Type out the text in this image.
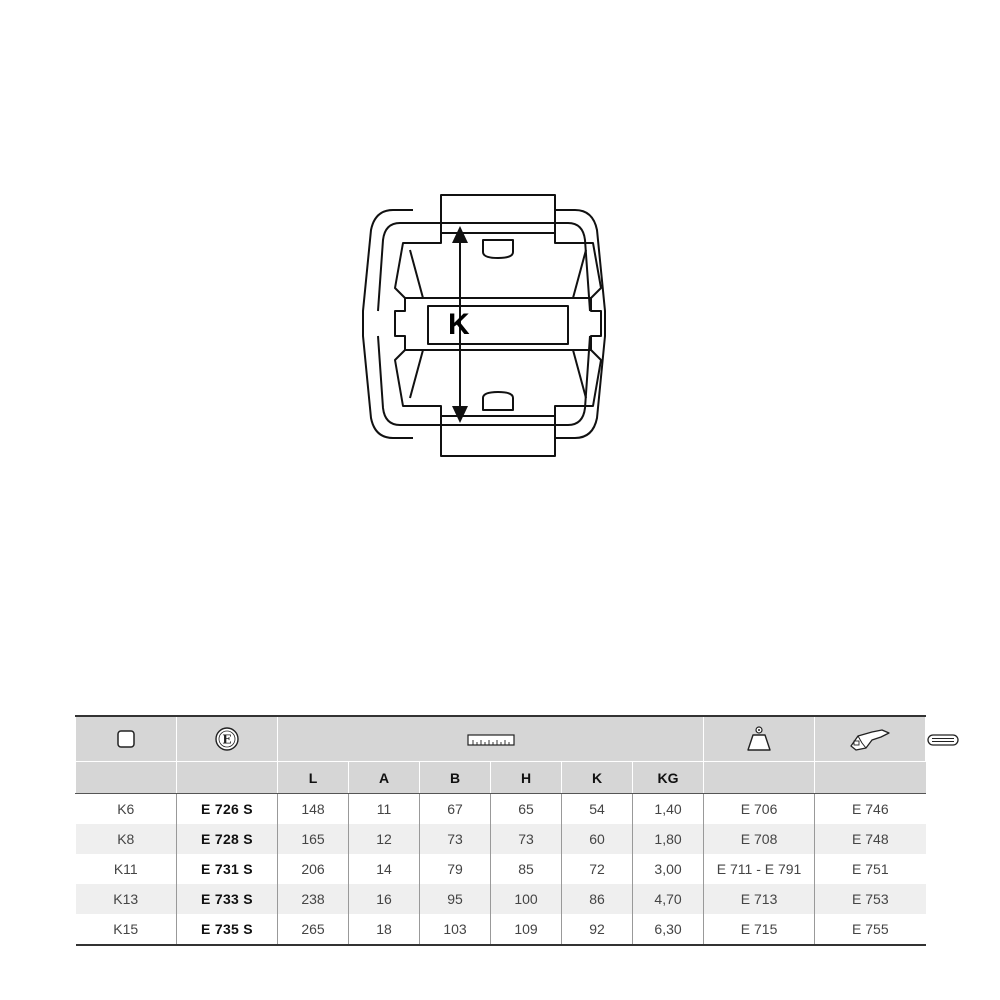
K

E

		L	A	B	H	K	KG			
K6	E 726 S	148	11	67	65	54	1,40	E 706	E 746	
K8	E 728 S	165	12	73	73	60	1,80	E 708	E 748	
K11	E 731 S	206	14	79	85	72	3,00	E 711 - E 791	E 751	
K13	E 733 S	238	16	95	100	86	4,70	E 713	E 753	
K15	E 735 S	265	18	103	109	92	6,30	E 715	E 755	
